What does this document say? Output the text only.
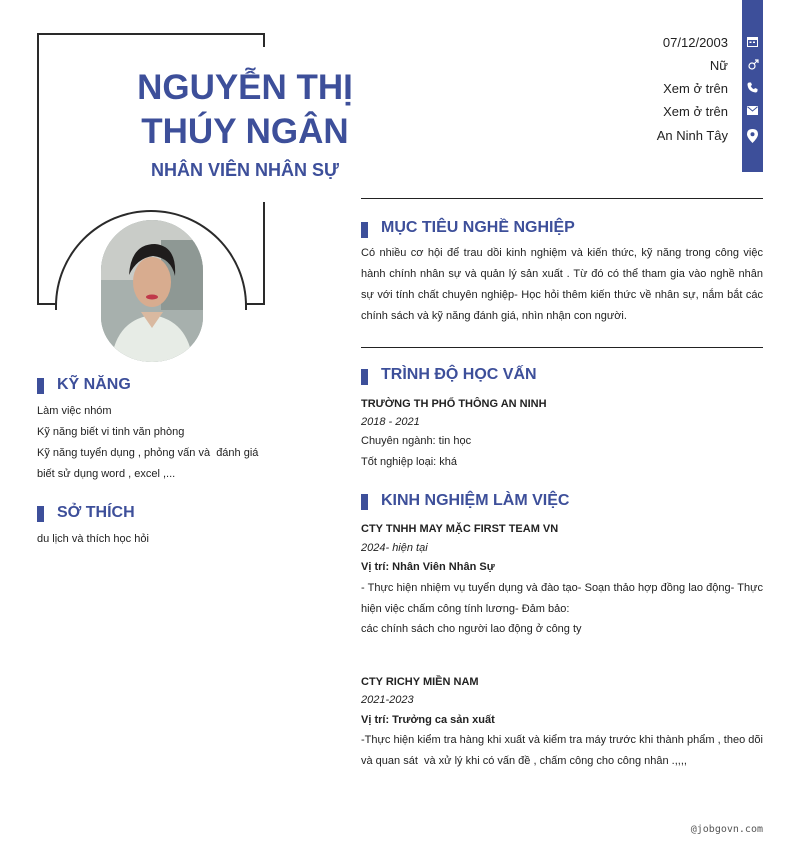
NGUYỄN THỊ THÚY NGÂN
NHÂN VIÊN NHÂN SỰ
07/12/2003
Nữ
Xem ở trên
Xem ở trên
An Ninh Tây
KỸ NĂNG
Làm việc nhóm
Kỹ năng biết vi tinh văn phòng
Kỹ năng tuyển dụng , phỏng vấn và  đánh giá
biết sử dụng word , excel ,...
SỞ THÍCH
du lịch và thích học hỏi
MỤC TIÊU NGHỀ NGHIỆP
Có nhiều cơ hội để trau dồi kinh nghiệm và kiến thức, kỹ năng trong công việc hành chính nhân sự và quản lý sản xuất . Từ đó có thể tham gia vào nghề nhân sự với tính chất chuyên nghiệp- Học hỏi thêm kiến thức về nhân sự, nắm bắt các chính sách và kỹ năng đánh giá, nhìn nhận con người.
TRÌNH ĐỘ HỌC VẤN
TRƯỜNG TH PHỔ THÔNG AN NINH
2018 - 2021
Chuyên ngành: tin học
Tốt nghiệp loại: khá
KINH NGHIỆM LÀM VIỆC
CTY TNHH MAY MẶC FIRST TEAM VN
2024- hiện tại
Vị trí: Nhân Viên Nhân Sự
- Thực hiện nhiệm vụ tuyển dụng và đào tạo- Soạn thảo hợp đồng lao động- Thực hiện việc chấm công tính lương- Đảm bảo:
các chính sách cho người lao động ở công ty
CTY RICHY MIỀN NAM
2021-2023
Vị trí: Trưởng ca sản xuất
-Thực hiện kiểm tra hàng khi xuất và kiểm tra máy trước khi thành phẩm , theo dõi và quan sát  và xử lý khi có vấn đề , chấm công cho công nhân .,,,,
@jobgovn.com
